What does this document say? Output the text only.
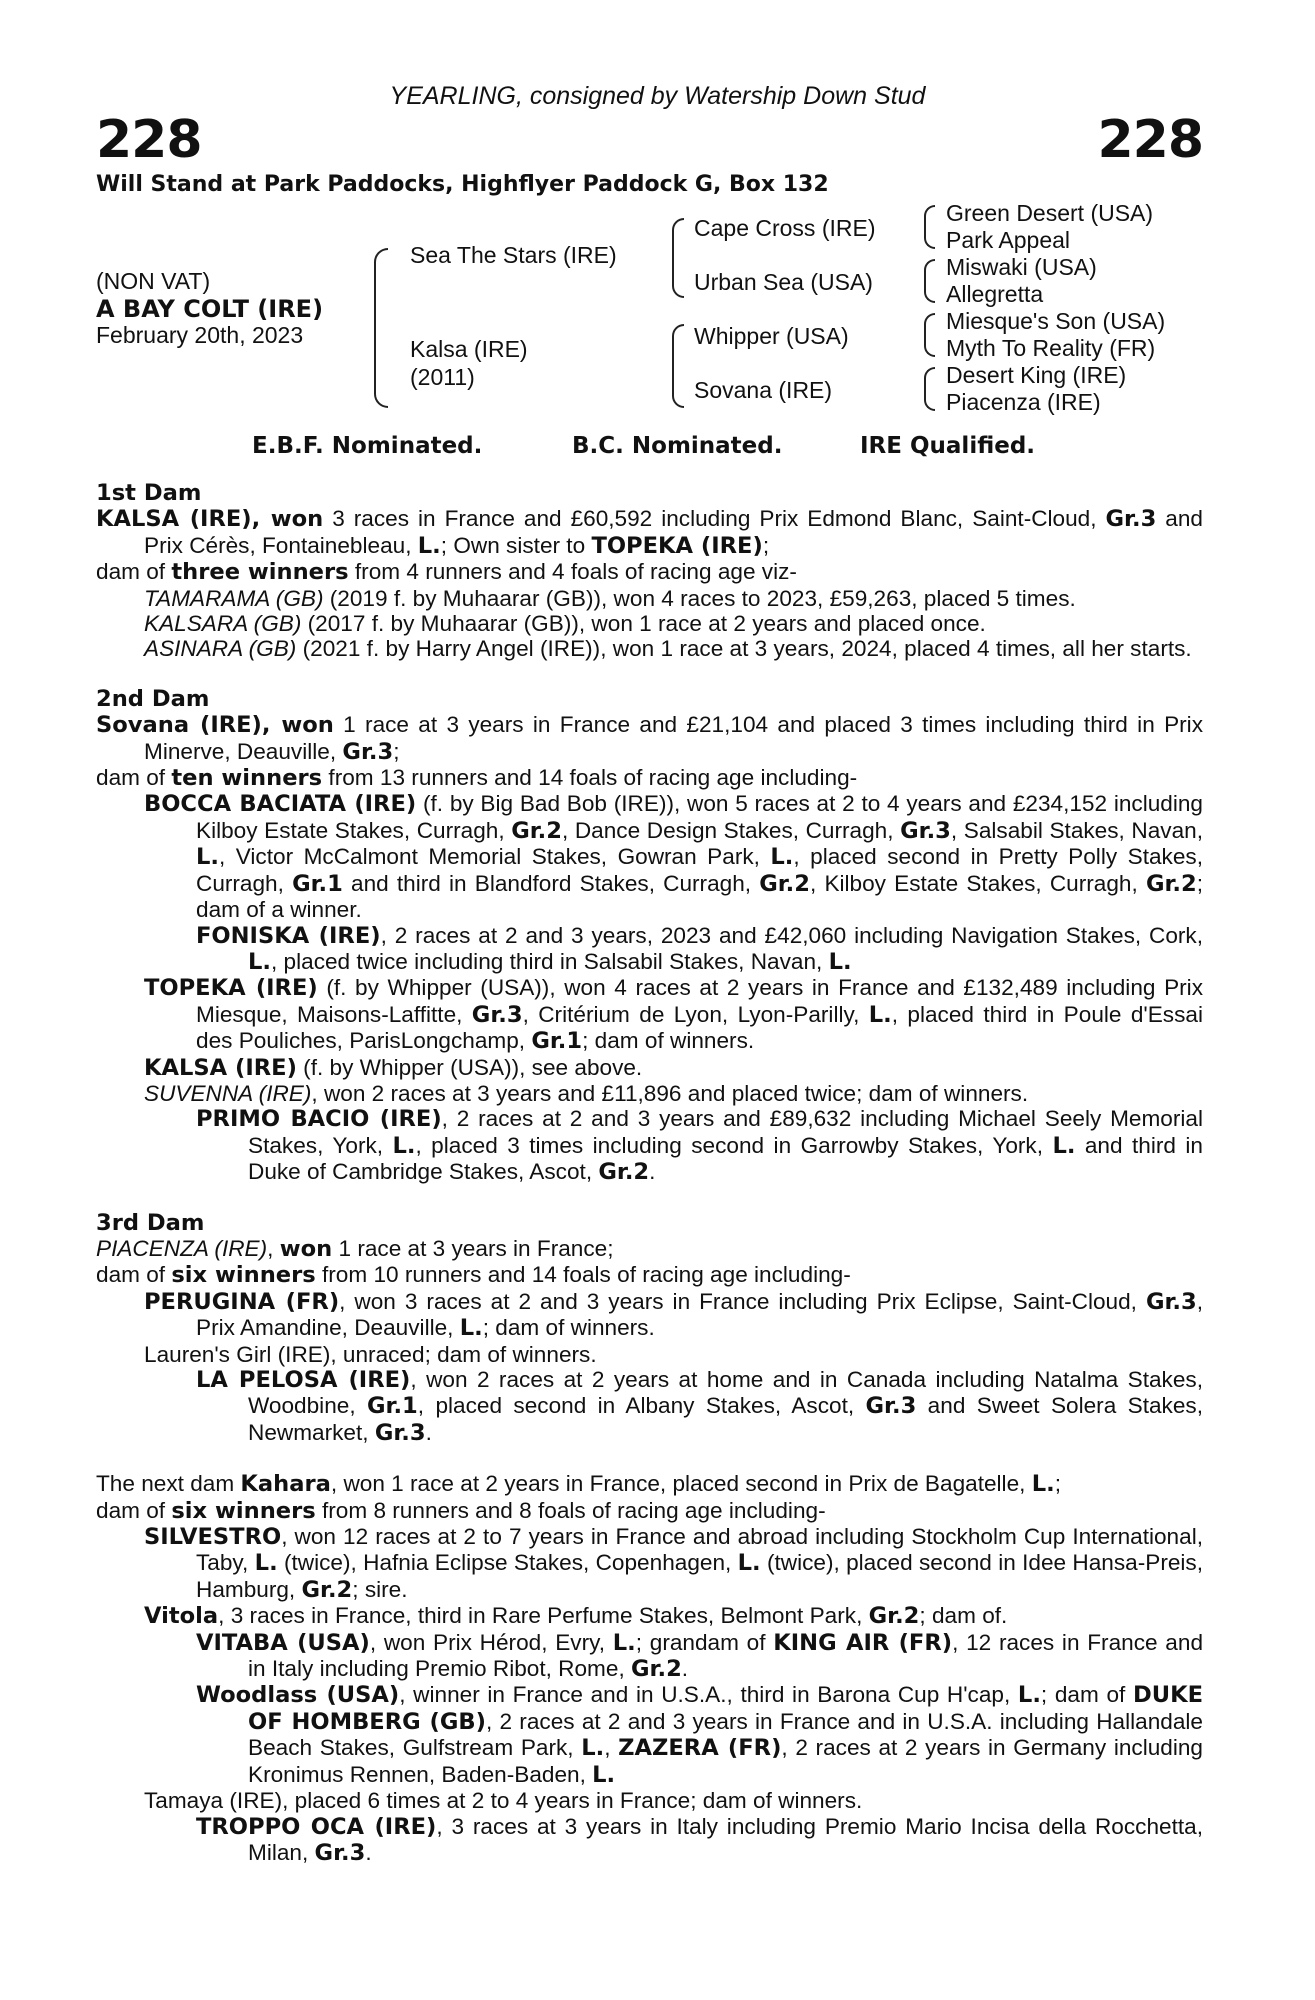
228	228
YEARLING, consigned by Watership Down Stud
Will Stand at Park Paddocks, Highflyer Paddock G, Box 132
(NON VAT)
A BAY COLT (IRE)
February 20th, 2023
Sea The Stars (IRE)
Kalsa (IRE)
(2011)
Cape Cross (IRE)
Urban Sea (USA)
Whipper (USA)
Sovana (IRE)
Green Desert (USA)
Park Appeal
Miswaki (USA)
Allegretta
Miesque's Son (USA)
Myth To Reality (FR)
Desert King (IRE)
Piacenza (IRE)
E.B.F. Nominated.	B.C. Nominated.	IRE Qualified.
1st Dam
KALSA (IRE), won 3 races in France and £60,592 including Prix Edmond Blanc, Saint-Cloud, Gr.3 and Prix Cérès, Fontainebleau, L.; Own sister to TOPEKA (IRE);
dam of three winners from 4 runners and 4 foals of racing age viz-
TAMARAMA (GB) (2019 f. by Muhaarar (GB)), won 4 races to 2023, £59,263, placed 5 times.
KALSARA (GB) (2017 f. by Muhaarar (GB)), won 1 race at 2 years and placed once.
ASINARA (GB) (2021 f. by Harry Angel (IRE)), won 1 race at 3 years, 2024, placed 4 times, all her starts.
2nd Dam
Sovana (IRE), won 1 race at 3 years in France and £21,104 and placed 3 times including third in Prix Minerve, Deauville, Gr.3;
dam of ten winners from 13 runners and 14 foals of racing age including-
BOCCA BACIATA (IRE) (f. by Big Bad Bob (IRE)), won 5 races at 2 to 4 years and £234,152 including Kilboy Estate Stakes, Curragh, Gr.2, Dance Design Stakes, Curragh, Gr.3, Salsabil Stakes, Navan, L., Victor McCalmont Memorial Stakes, Gowran Park, L., placed second in Pretty Polly Stakes, Curragh, Gr.1 and third in Blandford Stakes, Curragh, Gr.2, Kilboy Estate Stakes, Curragh, Gr.2; dam of a winner.
FONISKA (IRE), 2 races at 2 and 3 years, 2023 and £42,060 including Navigation Stakes, Cork, L., placed twice including third in Salsabil Stakes, Navan, L.
TOPEKA (IRE) (f. by Whipper (USA)), won 4 races at 2 years in France and £132,489 including Prix Miesque, Maisons-Laffitte, Gr.3, Critérium de Lyon, Lyon-Parilly, L., placed third in Poule d'Essai des Pouliches, ParisLongchamp, Gr.1; dam of winners.
KALSA (IRE) (f. by Whipper (USA)), see above.
SUVENNA (IRE), won 2 races at 3 years and £11,896 and placed twice; dam of winners.
PRIMO BACIO (IRE), 2 races at 2 and 3 years and £89,632 including Michael Seely Memorial Stakes, York, L., placed 3 times including second in Garrowby Stakes, York, L. and third in Duke of Cambridge Stakes, Ascot, Gr.2.
3rd Dam
PIACENZA (IRE), won 1 race at 3 years in France;
dam of six winners from 10 runners and 14 foals of racing age including-
PERUGINA (FR), won 3 races at 2 and 3 years in France including Prix Eclipse, Saint-Cloud, Gr.3, Prix Amandine, Deauville, L.; dam of winners.
Lauren's Girl (IRE), unraced; dam of winners.
LA PELOSA (IRE), won 2 races at 2 years at home and in Canada including Natalma Stakes, Woodbine, Gr.1, placed second in Albany Stakes, Ascot, Gr.3 and Sweet Solera Stakes, Newmarket, Gr.3.
The next dam Kahara, won 1 race at 2 years in France, placed second in Prix de Bagatelle, L.;
dam of six winners from 8 runners and 8 foals of racing age including-
SILVESTRO, won 12 races at 2 to 7 years in France and abroad including Stockholm Cup International, Taby, L. (twice), Hafnia Eclipse Stakes, Copenhagen, L. (twice), placed second in Idee Hansa-Preis, Hamburg, Gr.2; sire.
Vitola, 3 races in France, third in Rare Perfume Stakes, Belmont Park, Gr.2; dam of.
VITABA (USA), won Prix Hérod, Evry, L.; grandam of KING AIR (FR), 12 races in France and in Italy including Premio Ribot, Rome, Gr.2.
Woodlass (USA), winner in France and in U.S.A., third in Barona Cup H'cap, L.; dam of DUKE OF HOMBERG (GB), 2 races at 2 and 3 years in France and in U.S.A. including Hallandale Beach Stakes, Gulfstream Park, L., ZAZERA (FR), 2 races at 2 years in Germany including Kronimus Rennen, Baden-Baden, L.
Tamaya (IRE), placed 6 times at 2 to 4 years in France; dam of winners.
TROPPO OCA (IRE), 3 races at 3 years in Italy including Premio Mario Incisa della Rocchetta, Milan, Gr.3.
